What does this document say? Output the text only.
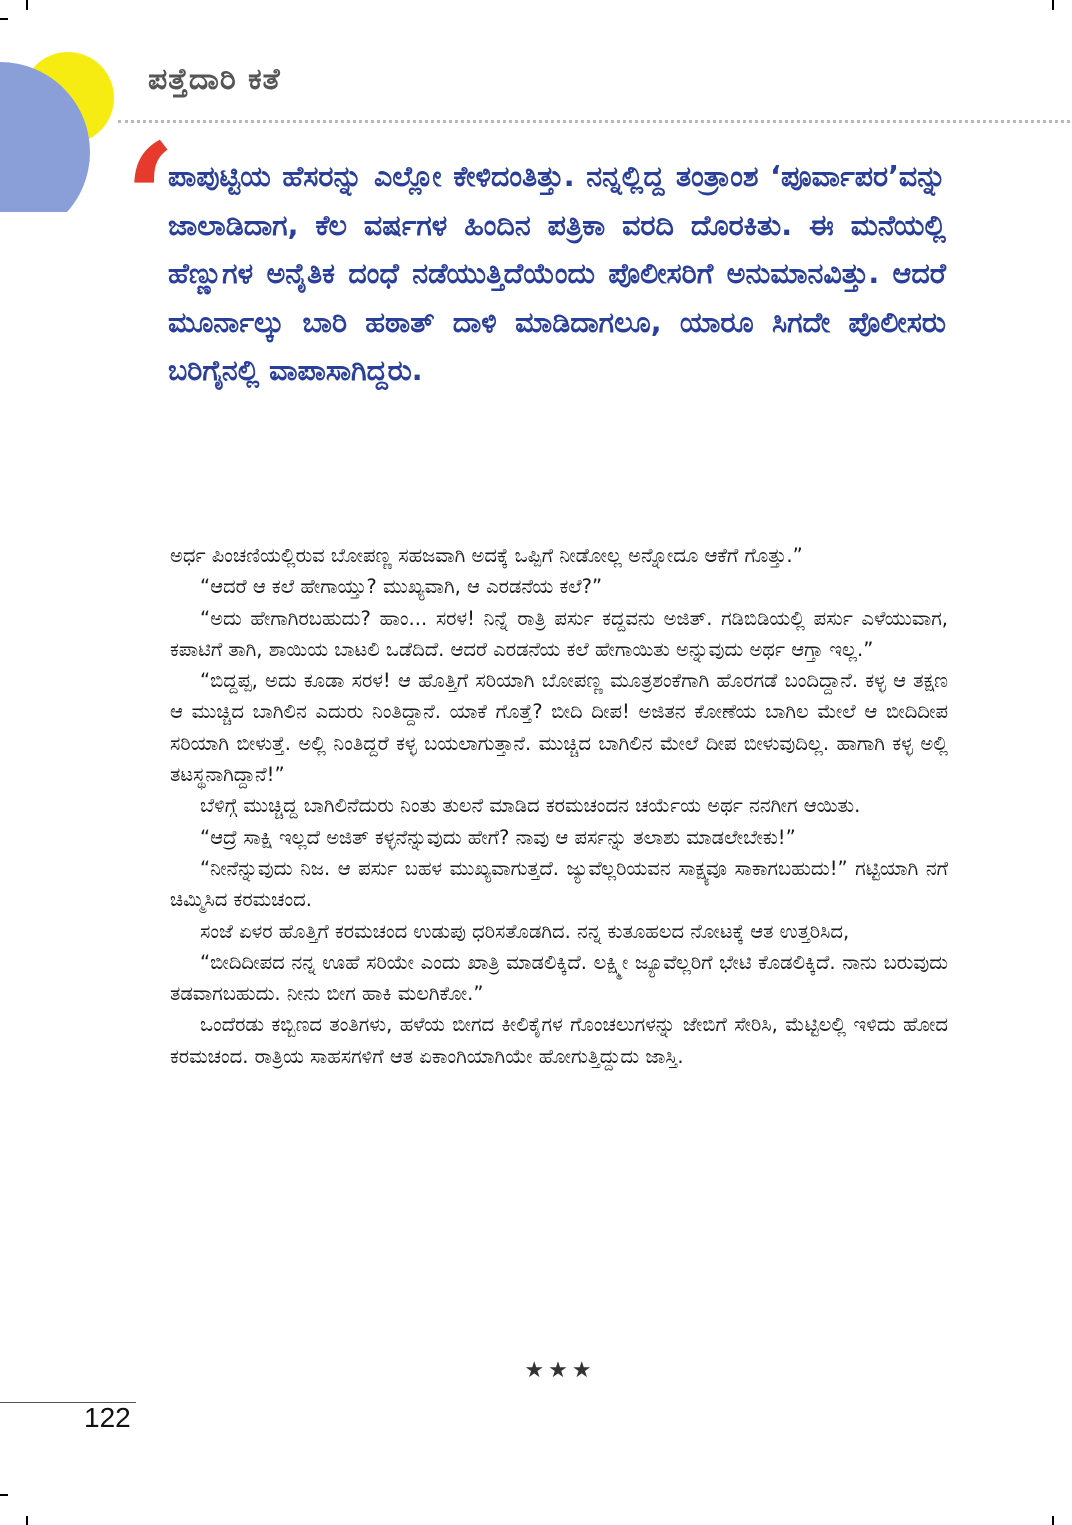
ಪತ್ತೆದಾರಿ ಕತೆ
‘

ಪಾಪುಟ್ಟಿಯ ಹೆಸರನ್ನು ಎಲ್ಲೋ ಕೇಳಿದಂತಿತ್ತು. ನನ್ನಲ್ಲಿದ್ದ ತಂತ್ರಾಂಶ ‘ಪೂರ್ವಾಪರ’ವನ್ನು ಜಾಲಾಡಿದಾಗ, ಕೆಲ ವರ್ಷಗಳ ಹಿಂದಿನ ಪತ್ರಿಕಾ ವರದಿ ದೊರಕಿತು. ಈ ಮನೆಯಲ್ಲಿ ಹೆಣ್ಣುಗಳ ಅನೈತಿಕ ದಂಧೆ ನಡೆಯುತ್ತಿದೆಯೆಂದು ಪೊಲೀಸರಿಗೆ ಅನುಮಾನವಿತ್ತು. ಆದರೆ ಮೂರ್ನಾಲ್ಕು ಬಾರಿ ಹಠಾತ್ ದಾಳಿ ಮಾಡಿದಾಗಲೂ, ಯಾರೂ ಸಿಗದೇ ಪೊಲೀಸರು ಬರಿಗೈನಲ್ಲಿ ವಾಪಾಸಾಗಿದ್ದರು.

ಅರ್ಧ ಪಿಂಚಣಿಯಲ್ಲಿರುವ ಬೋಪಣ್ಣ ಸಹಜವಾಗಿ ಅದಕ್ಕೆ ಒಪ್ಪಿಗೆ ನೀಡೋಲ್ಲ ಅನ್ನೋದೂ ಆಕೆಗೆ ಗೊತ್ತು.”

“ಆದರೆ ಆ ಕಲೆ ಹೇಗಾಯ್ತು? ಮುಖ್ಯವಾಗಿ, ಆ ಎರಡನೆಯ ಕಲೆ?”

“ಅದು ಹೇಗಾಗಿರಬಹುದು? ಹಾಂ... ಸರಳ! ನಿನ್ನೆ ರಾತ್ರಿ ಪರ್ಸು ಕದ್ದವನು ಅಜಿತ್. ಗಡಿಬಿಡಿಯಲ್ಲಿ ಪರ್ಸು ಎಳೆಯುವಾಗ, ಕಪಾಟಿಗೆ ತಾಗಿ, ಶಾಯಿಯ ಬಾಟಲಿ ಒಡೆದಿದೆ. ಆದರೆ ಎರಡನೆಯ ಕಲೆ ಹೇಗಾಯಿತು ಅನ್ನುವುದು ಅರ್ಥ ಆಗ್ತಾ ಇಲ್ಲ.”

“ಬಿದ್ದಪ್ಪ, ಅದು ಕೂಡಾ ಸರಳ! ಆ ಹೊತ್ತಿಗೆ ಸರಿಯಾಗಿ ಬೋಪಣ್ಣ ಮೂತ್ರಶಂಕೆಗಾಗಿ ಹೊರಗಡೆ ಬಂದಿದ್ದಾನೆ. ಕಳ್ಳ ಆ ತಕ್ಷಣ ಆ ಮುಚ್ಚಿದ ಬಾಗಿಲಿನ ಎದುರು ನಿಂತಿದ್ದಾನೆ. ಯಾಕೆ ಗೊತ್ತೆ? ಬೀದಿ ದೀಪ! ಅಜಿತನ ಕೋಣೆಯ ಬಾಗಿಲ ಮೇಲೆ ಆ ಬೀದಿದೀಪ ಸರಿಯಾಗಿ ಬೀಳುತ್ತೆ. ಅಲ್ಲಿ ನಿಂತಿದ್ದರೆ ಕಳ್ಳ ಬಯಲಾಗುತ್ತಾನೆ. ಮುಚ್ಚಿದ ಬಾಗಿಲಿನ ಮೇಲೆ ದೀಪ ಬೀಳುವುದಿಲ್ಲ. ಹಾಗಾಗಿ ಕಳ್ಳ ಅಲ್ಲಿ ತಟಸ್ಥನಾಗಿದ್ದಾನೆ!”

ಬೆಳಿಗ್ಗೆ ಮುಚ್ಚಿದ್ದ ಬಾಗಿಲಿನೆದುರು ನಿಂತು ತುಲನೆ ಮಾಡಿದ ಕರಮಚಂದನ ಚರ್ಯೆಯ ಅರ್ಥ ನನಗೀಗ ಆಯಿತು.

“ಆದ್ರೆ ಸಾಕ್ಷಿ ಇಲ್ಲದೆ ಅಜಿತ್ ಕಳ್ಳನೆನ್ನುವುದು ಹೇಗೆ? ನಾವು ಆ ಪರ್ಸನ್ನು ತಲಾಶು ಮಾಡಲೇಬೇಕು!”

“ನೀನೆನ್ನುವುದು ನಿಜ. ಆ ಪರ್ಸು ಬಹಳ ಮುಖ್ಯವಾಗುತ್ತದೆ. ಜ್ಯುವೆಲ್ಲರಿಯವನ ಸಾಕ್ಷ್ಯವೂ ಸಾಕಾಗಬಹುದು!” ಗಟ್ಟಿಯಾಗಿ ನಗೆ ಚಿಮ್ಮಿಸಿದ ಕರಮಚಂದ.

ಸಂಜೆ ಏಳರ ಹೊತ್ತಿಗೆ ಕರಮಚಂದ ಉಡುಪು ಧರಿಸತೊಡಗಿದ. ನನ್ನ ಕುತೂಹಲದ ನೋಟಕ್ಕೆ ಆತ ಉತ್ತರಿಸಿದ,

“ಬೀದಿದೀಪದ ನನ್ನ ಊಹೆ ಸರಿಯೇ ಎಂದು ಖಾತ್ರಿ ಮಾಡಲಿಕ್ಕಿದೆ. ಲಕ್ಷ್ಮೀ ಜ್ಯೂವೆಲ್ಲರಿಗೆ ಭೇಟಿ ಕೊಡಲಿಕ್ಕಿದೆ. ನಾನು ಬರುವುದು ತಡವಾಗಬಹುದು. ನೀನು ಬೀಗ ಹಾಕಿ ಮಲಗಿಕೋ.”

ಒಂದೆರಡು ಕಬ್ಬಿಣದ ತಂತಿಗಳು, ಹಳೆಯ ಬೀಗದ ಕೀಲಿಕೈಗಳ ಗೊಂಚಲುಗಳನ್ನು ಜೇಬಿಗೆ ಸೇರಿಸಿ, ಮೆಟ್ಟಿಲಲ್ಲಿ ಇಳಿದು ಹೋದ ಕರಮಚಂದ. ರಾತ್ರಿಯ ಸಾಹಸಗಳಿಗೆ ಆತ ಏಕಾಂಗಿಯಾಗಿಯೇ ಹೋಗುತ್ತಿದ್ದುದು ಜಾಸ್ತಿ.

★★★
122
